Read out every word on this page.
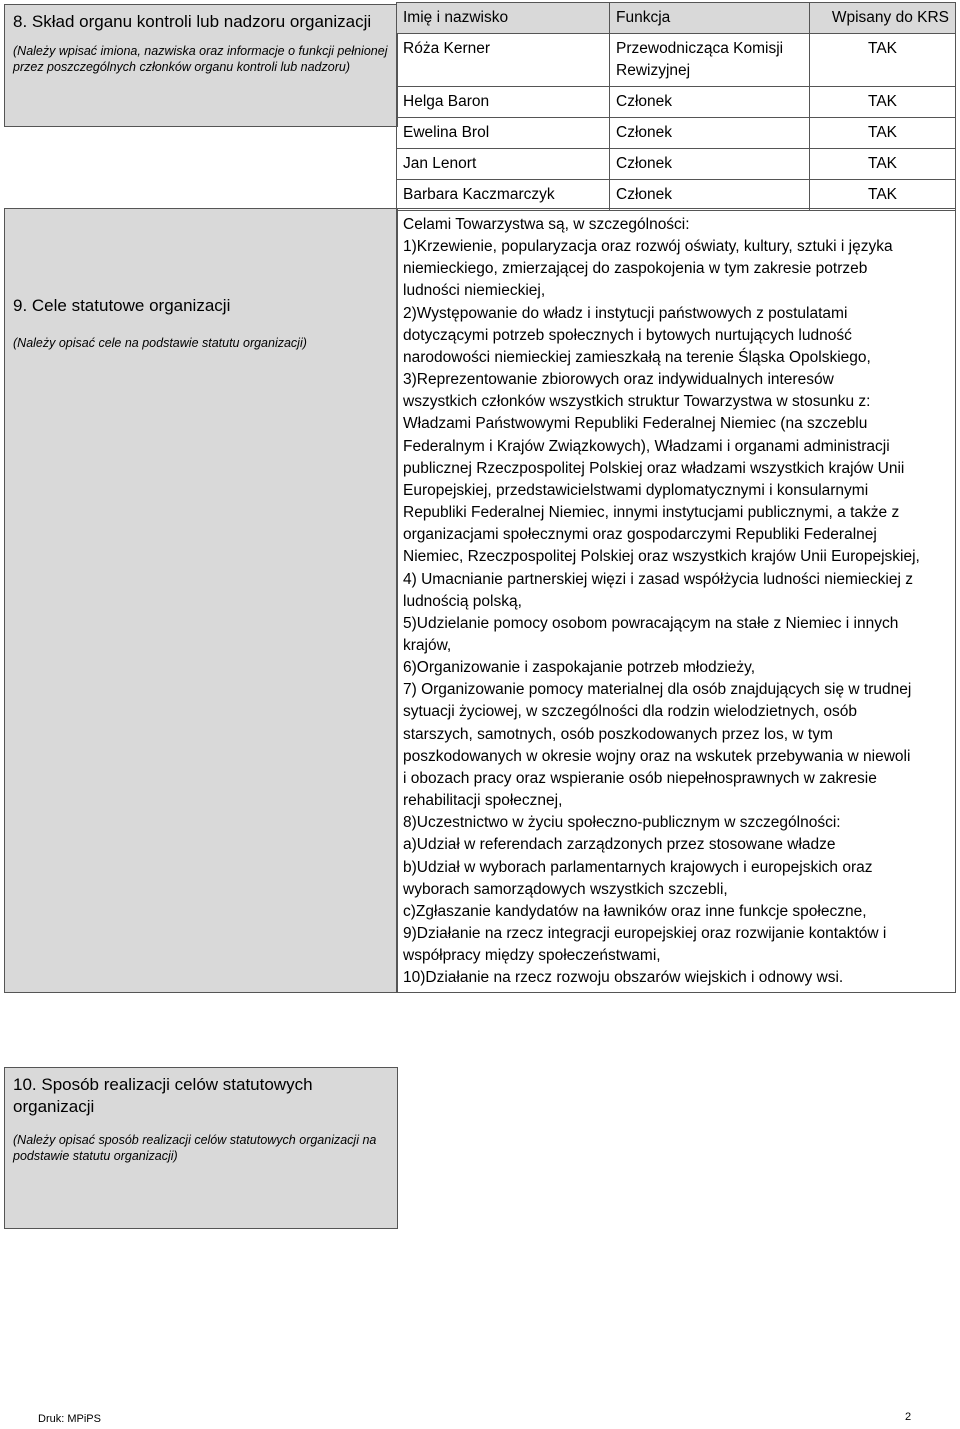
8. Skład organu kontroli lub nadzoru organizacji
(Należy wpisać imiona, nazwiska oraz informacje o funkcji pełnionej przez poszczególnych członków organu kontroli lub nadzoru)
Imię i nazwisko	Funkcja	Wpisany do KRS
Róża Kerner	Przewodnicząca Komisji Rewizyjnej	TAK
Helga Baron	Członek	TAK
Ewelina Brol	Członek	TAK
Jan Lenort	Członek	TAK
Barbara Kaczmarczyk	Członek	TAK
9. Cele statutowe organizacji
(Należy opisać cele na podstawie statutu organizacji)
Celami Towarzystwa są, w szczególności:
1)Krzewienie, popularyzacja oraz rozwój oświaty, kultury, sztuki i języka
niemieckiego, zmierzającej do zaspokojenia w tym zakresie potrzeb
ludności niemieckiej,
2)Występowanie do władz i instytucji państwowych z postulatami
dotyczącymi potrzeb społecznych i bytowych nurtujących ludność
narodowości niemieckiej zamieszkałą na terenie Śląska Opolskiego,
3)Reprezentowanie zbiorowych oraz indywidualnych interesów
wszystkich członków wszystkich struktur Towarzystwa w stosunku z:
Władzami Państwowymi Republiki Federalnej Niemiec (na szczeblu
Federalnym i Krajów Związkowych), Władzami i organami administracji
publicznej Rzeczpospolitej Polskiej oraz władzami wszystkich krajów Unii
Europejskiej, przedstawicielstwami dyplomatycznymi i konsularnymi
Republiki Federalnej Niemiec, innymi instytucjami publicznymi, a także z
organizacjami społecznymi oraz gospodarczymi Republiki Federalnej
Niemiec, Rzeczpospolitej Polskiej oraz wszystkich krajów Unii Europejskiej,
4) Umacnianie partnerskiej więzi i zasad współżycia ludności niemieckiej z
ludnością polską,
5)Udzielanie pomocy osobom powracającym na stałe z Niemiec i innych
krajów,
6)Organizowanie i zaspokajanie potrzeb młodzieży,
7) Organizowanie pomocy materialnej dla osób znajdujących się w trudnej
sytuacji życiowej, w szczególności dla rodzin wielodzietnych, osób
starszych, samotnych, osób poszkodowanych przez los, w tym
poszkodowanych w okresie wojny oraz na wskutek przebywania w niewoli
i obozach pracy oraz wspieranie osób niepełnosprawnych w zakresie
rehabilitacji społecznej,
8)Uczestnictwo w życiu społeczno-publicznym w szczególności:
a)Udział w referendach zarządzonych przez stosowane władze
b)Udział w wyborach parlamentarnych krajowych i europejskich oraz
wyborach samorządowych wszystkich szczebli,
c)Zgłaszanie kandydatów na ławników oraz inne funkcje społeczne,
9)Działanie na rzecz integracji europejskiej oraz rozwijanie kontaktów i
współpracy między społeczeństwami,
10)Działanie na rzecz rozwoju obszarów wiejskich i odnowy wsi.
10. Sposób realizacji celów statutowych organizacji
(Należy opisać sposób realizacji celów statutowych organizacji na podstawie statutu organizacji)
Druk: MPiPS	2
